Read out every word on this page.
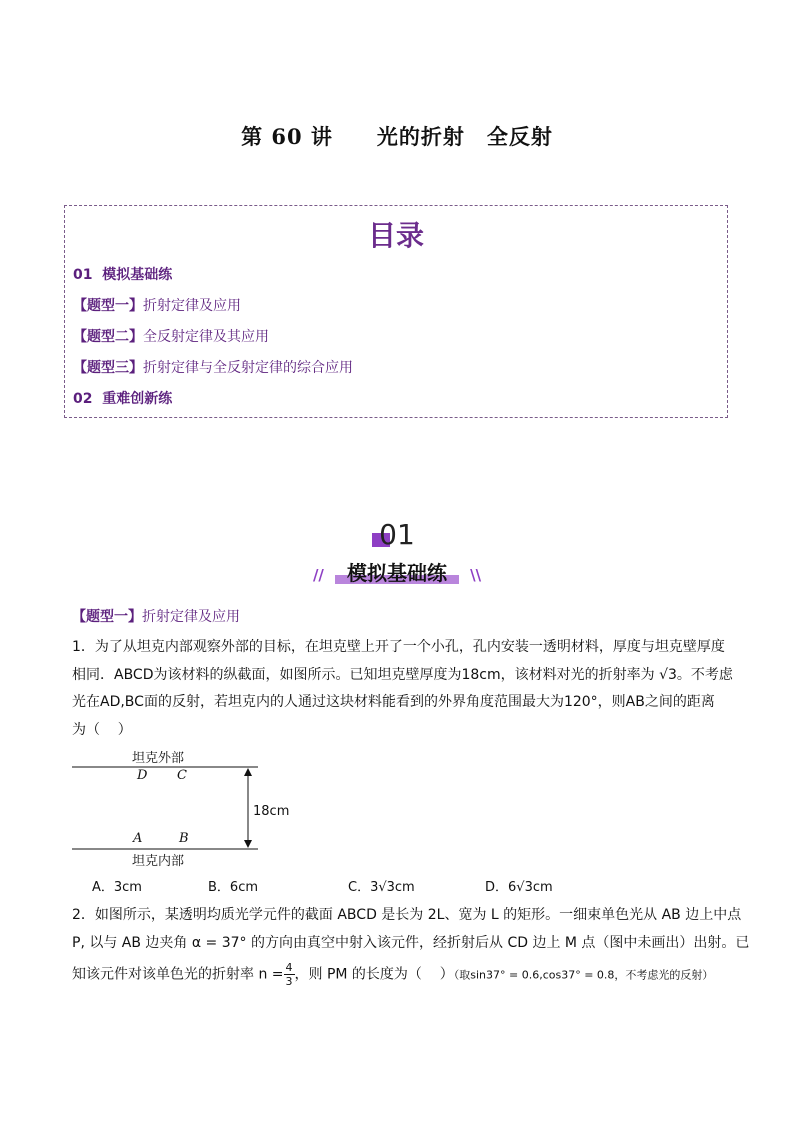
第 60 讲　　 光的折射　全反射
目录
01  模拟基础练
【题型一】折射定律及应用
【题型二】全反射定律及其应用
【题型三】折射定律与全反射定律的综合应用
02  重难创新练
01
// 模拟基础练 \\
【题型一】折射定律及应用
1．为了从坦克内部观察外部的目标，在坦克壁上开了一个小孔，孔内安装一透明材料，厚度与坦克壁厚度
相同．ABCD为该材料的纵截面，如图所示。已知坦克壁厚度为18cm，该材料对光的折射率为 √3。不考虑
光在AD,BC面的反射，若坦克内的人通过这块材料能看到的外界角度范围最大为120°，则AB之间的距离
为（    ）
坦克外部
D C
18cm
A	B
坦克内部
A．3cm	B．6cm	C．3√3cm	D．6√3cm
2．如图所示，某透明均质光学元件的截面 ABCD 是长为 2L、宽为 L 的矩形。一细束单色光从 AB 边上中点
P, 以与 AB 边夹角 α = 37° 的方向由真空中射入该元件，经折射后从 CD 边上 M 点（图中未画出）出射。已
知该元件对该单色光的折射率 $n = \frac{4}{3}$ ，则 PM 的长度为（    ）（取sin37° = 0.6,cos37° = 0.8，不考虑光的反射）
